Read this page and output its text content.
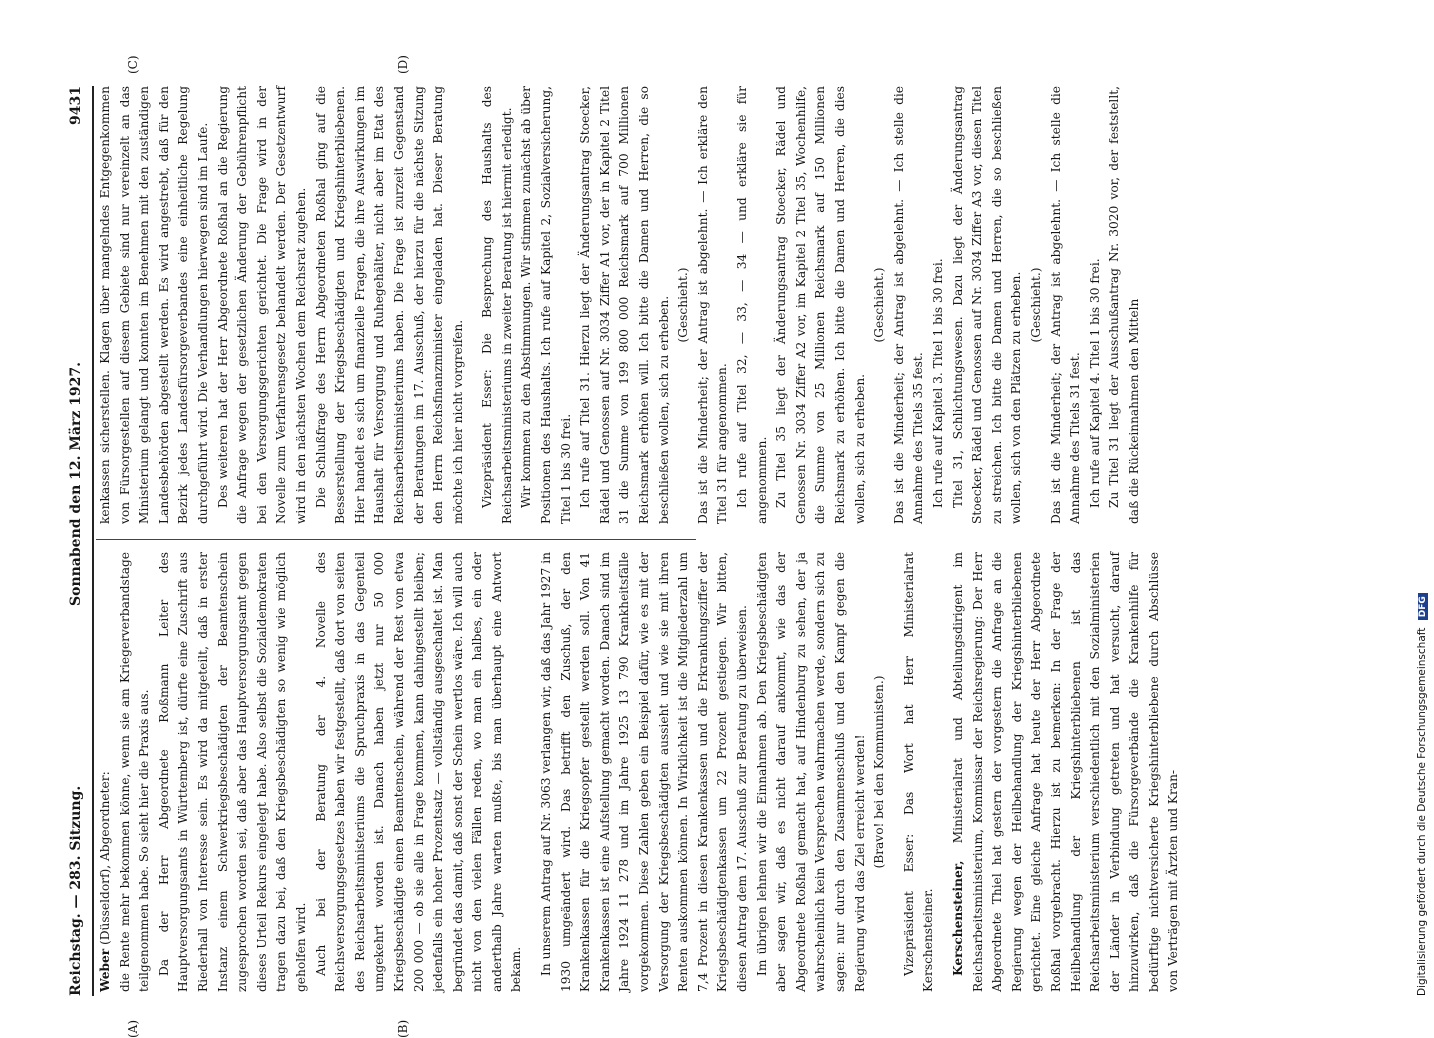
Reichstag. — 283. Sitzung.
Sonnabend den 12. März 1927.
9431
(A)	(B)
(C)	(D)

Weber (Düsseldorf), Abgeordneter: die Rente mehr bekommen könne, wenn sie am Kriegerverbandstage teilgenommen habe. So sieht hier die Praxis aus. Da der Herr Abgeordnete Roßmann Leiter des Hauptversorgungsamts in Württemberg ist, dürfte eine Zuschrift aus Riederhall von Interesse sein. Es wird da mitgeteilt, daß in erster Instanz einem Schwerkriegsbeschädigten der Beamtenschein zugesprochen worden sei, daß aber das Hauptversorgungsamt gegen dieses Urteil Rekurs eingelegt habe. Also selbst die Sozialdemokraten tragen dazu bei, daß den Kriegsbeschädigten so wenig wie möglich geholfen wird. Auch bei der Beratung der 4. Novelle des Reichsversorgungsgesetzes haben wir festgestellt, daß dort von seiten des Reichsarbeitsministeriums die Spruchpraxis in das Gegenteil umgekehrt worden ist. Danach haben jetzt nur 50 000 Kriegsbeschädigte einen Beamtenschein, während der Rest von etwa 200 000 — ob sie alle in Frage kommen, kann dahingestellt bleiben; jedenfalls ein hoher Prozentsatz — vollständig ausgeschaltet ist. Man begründet das damit, daß sonst der Schein wertlos wäre. Ich will auch nicht von den vielen Fällen reden, wo man ein halbes, ein oder anderthalb Jahre warten mußte, bis man überhaupt eine Antwort bekam. In unserem Antrag auf Nr. 3063 verlangen wir, daß das Jahr 1927 in 1930 umgeändert wird. Das betrifft den Zuschuß, der den Krankenkassen für die Kriegsopfer gestellt werden soll. Von 41 Krankenkassen ist eine Aufstellung gemacht worden. Danach sind im Jahre 1924 11 278 und im Jahre 1925 13 790 Krankheitsfälle vorgekommen. Diese Zahlen geben ein Beispiel dafür, wie es mit der Versorgung der Kriegsbeschädigten aussieht und wie sie mit ihren Renten auskommen können. In Wirklichkeit ist die Mitgliederzahl um 7,4 Prozent in diesen Krankenkassen und die Erkrankungsziffer der Kriegsbeschädigtenkassen um 22 Prozent gestiegen. Wir bitten, diesen Antrag dem 17. Ausschuß zur Beratung zu überweisen. Im übrigen lehnen wir die Einnahmen ab. Den Kriegsbeschädigten aber sagen wir, daß es nicht darauf ankommt, wie das der Abgeordnete Roßhal gemacht hat, auf Hindenburg zu sehen, der ja wahrscheinlich kein Versprechen wahrmachen werde, sondern sich zu sagen: nur durch den Zusammenschluß und den Kampf gegen die Regierung wird das Ziel erreicht werden! (Bravo! bei den Kommunisten.) Vizepräsident Esser: Das Wort hat Herr Ministerialrat Kerschensteiner. Kerschensteiner, Ministerialrat und Abteilungsdirigent im Reichsarbeitsministerium, Kommissar der Reichsregierung: Der Herr Abgeordnete Thiel hat gestern der vorgestern die Anfrage an die Regierung wegen der Heilbehandlung der Kriegshinterbliebenen gerichtet. Eine gleiche Anfrage hat heute der Herr Abgeordnete Roßhal vorgebracht. Hierzu ist zu bemerken: In der Frage der Heilbehandlung der Kriegshinterbliebenen ist das Reichsarbeitsministerium verschiedentlich mit den Sozialministerien der Länder in Verbindung getreten und hat versucht, darauf hinzuwirken, daß die Fürsorgeverbände die Krankenhilfe für bedürftige nichtversicherte Kriegshinterbliebene durch Abschlüsse von Verträgen mit Ärzten und Kran-

kenkassen sicherstellen. Klagen über mangelndes Entgegenkommen von Fürsorgestellen auf diesem Gebiete sind nur vereinzelt an das Ministerium gelangt und konnten im Benehmen mit den zuständigen Landesbehörden abgestellt werden. Es wird angestrebt, daß für den Bezirk jedes Landesfürsorgeverbandes eine einheitliche Regelung durchgeführt wird. Die Verhandlungen hierwegen sind im Laufe. Des weiteren hat der Herr Abgeordnete Roßhal an die Regierung die Anfrage wegen der gesetzlichen Änderung der Gebührenpflicht bei den Versorgungsgerichten gerichtet. Die Frage wird in der Novelle zum Verfahrensgesetz behandelt werden. Der Gesetzentwurf wird in den nächsten Wochen dem Reichsrat zugehen. Die Schlußfrage des Herrn Abgeordneten Roßhal ging auf die Besserstellung der Kriegsbeschädigten und Kriegshinterbliebenen. Hier handelt es sich um finanzielle Fragen, die ihre Auswirkungen im Haushalt für Versorgung und Ruhegehälter, nicht aber im Etat des Reichsarbeitsministeriums haben. Die Frage ist zurzeit Gegenstand der Beratungen im 17. Ausschuß, der hierzu für die nächste Sitzung den Herrn Reichsfinanzminister eingeladen hat. Dieser Beratung möchte ich hier nicht vorgreifen. Vizepräsident Esser: Die Besprechung des Haushalts des Reichsarbeitsministeriums in zweiter Beratung ist hiermit erledigt. Wir kommen zu den Abstimmungen. Wir stimmen zunächst ab über Positionen des Haushalts. Ich rufe auf Kapitel 2, Sozialversicherung, Titel 1 bis 30 frei. Ich rufe auf Titel 31. Hierzu liegt der Änderungsantrag Stoecker, Rädel und Genossen auf Nr. 3034 Ziffer A1 vor, der in Kapitel 2 Titel 31 die Summe von 199 800 000 Reichsmark auf 700 Millionen Reichsmark erhöhen will. Ich bitte die Damen und Herren, die so beschließen wollen, sich zu erheben. (Geschieht.) Das ist die Minderheit; der Antrag ist abgelehnt. — Ich erkläre den Titel 31 für angenommen. Ich rufe auf Titel 32, — 33, — 34 — und erkläre sie für angenommen. Zu Titel 35 liegt der Änderungsantrag Stoecker, Rädel und Genossen Nr. 3034 Ziffer A2 vor, im Kapitel 2 Titel 35, Wochenhilfe, die Summe von 25 Millionen Reichsmark auf 150 Millionen Reichsmark zu erhöhen. Ich bitte die Damen und Herren, die dies wollen, sich zu erheben.

(Geschieht.) Das ist die Minderheit; der Antrag ist abgelehnt. — Ich stelle die Annahme des Titels 35 fest. Ich rufe auf Kapitel 3. Titel 1 bis 30 frei. Titel 31, Schlichtungswesen. Dazu liegt der Änderungsantrag Stoecker, Rädel und Genossen auf Nr. 3034 Ziffer A3 vor, diesen Titel zu streichen. Ich bitte die Damen und Herren, die so beschließen wollen, sich von den Plätzen zu erheben. (Geschieht.) Das ist die Minderheit; der Antrag ist abgelehnt. — Ich stelle die Annahme des Titels 31 fest. Ich rufe auf Kapitel 4. Titel 1 bis 30 frei. Zu Titel 31 liegt der Ausschußantrag Nr. 3020 vor, der feststellt, daß die Rückeinnahmen den Mitteln

Digitalisierung gefördert durch die Deutsche Forschungsgemeinschaft DFG
